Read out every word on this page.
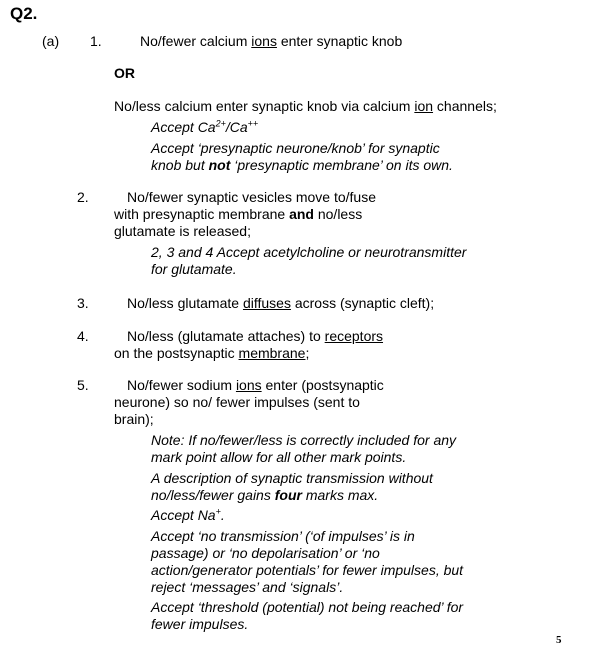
Q2.
(a) 1.	No/fewer calcium ions enter synaptic knob
OR
No/less calcium enter synaptic knob via calcium ion channels;
Accept $Ca^{2+}/Ca^{++}$
Accept ‘presynaptic neurone/knob’ for synaptic
knob but not ‘presynaptic membrane’ on its own.
2.	No/fewer synaptic vesicles move to/fuse
with presynaptic membrane and no/less
glutamate is released;
2, 3 and 4 Accept acetylcholine or neurotransmitter
for glutamate.
3.	No/less glutamate diffuses across (synaptic cleft);
4.	No/less (glutamate attaches) to receptors
on the postsynaptic membrane;
5.	No/fewer sodium ions enter (postsynaptic
neurone) so no/ fewer impulses (sent to
brain);
Note: If no/fewer/less is correctly included for any
mark point allow for all other mark points.
A description of synaptic transmission without
no/less/fewer gains four marks max.
Accept Na+.
Accept ‘no transmission’ (‘of impulses’ is in
passage) or ‘no depolarisation’ or ‘no
action/generator potentials’ for fewer impulses, but
reject ‘messages’ and ‘signals’.
Accept ‘threshold (potential) not being reached’ for
fewer impulses.
5
